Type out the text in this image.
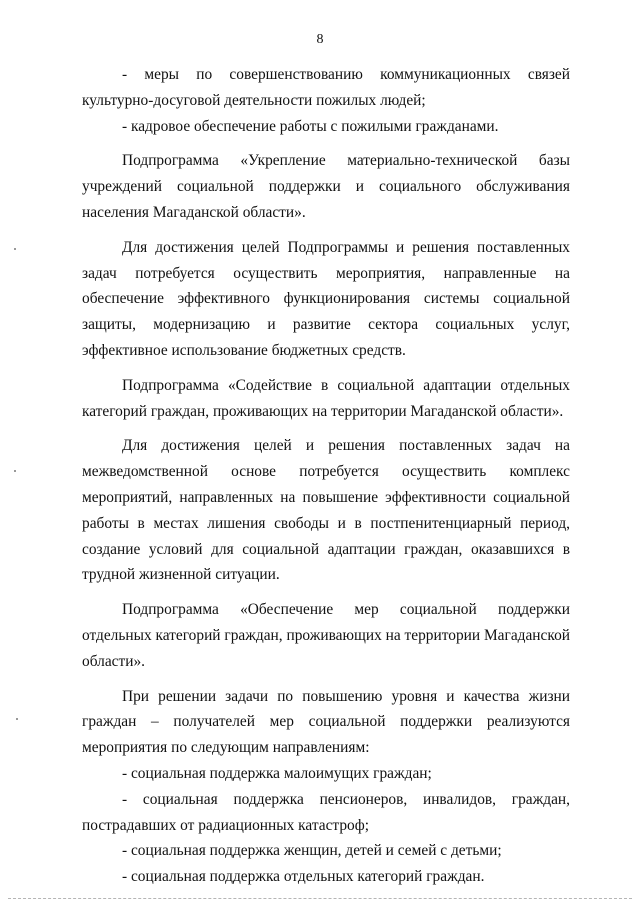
8

- меры по совершенствованию коммуникационных связей культурно-досуговой деятельности пожилых людей;

- кадровое обеспечение работы с пожилыми гражданами.

Подпрограмма «Укрепление материально-технической базы учреждений социальной поддержки и социального обслуживания населения Магаданской области».

Для достижения целей Подпрограммы и решения поставленных задач потребуется осуществить мероприятия, направленные на обеспечение эффективного функционирования системы социальной защиты, модернизацию и развитие сектора социальных услуг, эффективное использование бюджетных средств.

Подпрограмма «Содействие в социальной адаптации отдельных категорий граждан, проживающих на территории Магаданской области».

Для достижения целей и решения поставленных задач на межведомственной основе потребуется осуществить комплекс мероприятий, направленных на повышение эффективности социальной работы в местах лишения свободы и в постпенитенциарный период, создание условий для социальной адаптации граждан, оказавшихся в трудной жизненной ситуации.

Подпрограмма «Обеспечение мер социальной поддержки отдельных категорий граждан, проживающих на территории Магаданской области».

При решении задачи по повышению уровня и качества жизни граждан – получателей мер социальной поддержки реализуются мероприятия по следующим направлениям:

- социальная поддержка малоимущих граждан;

- социальная поддержка пенсионеров, инвалидов, граждан, пострадавших от радиационных катастроф;

- социальная поддержка женщин, детей и семей с детьми;

- социальная поддержка отдельных категорий граждан.
